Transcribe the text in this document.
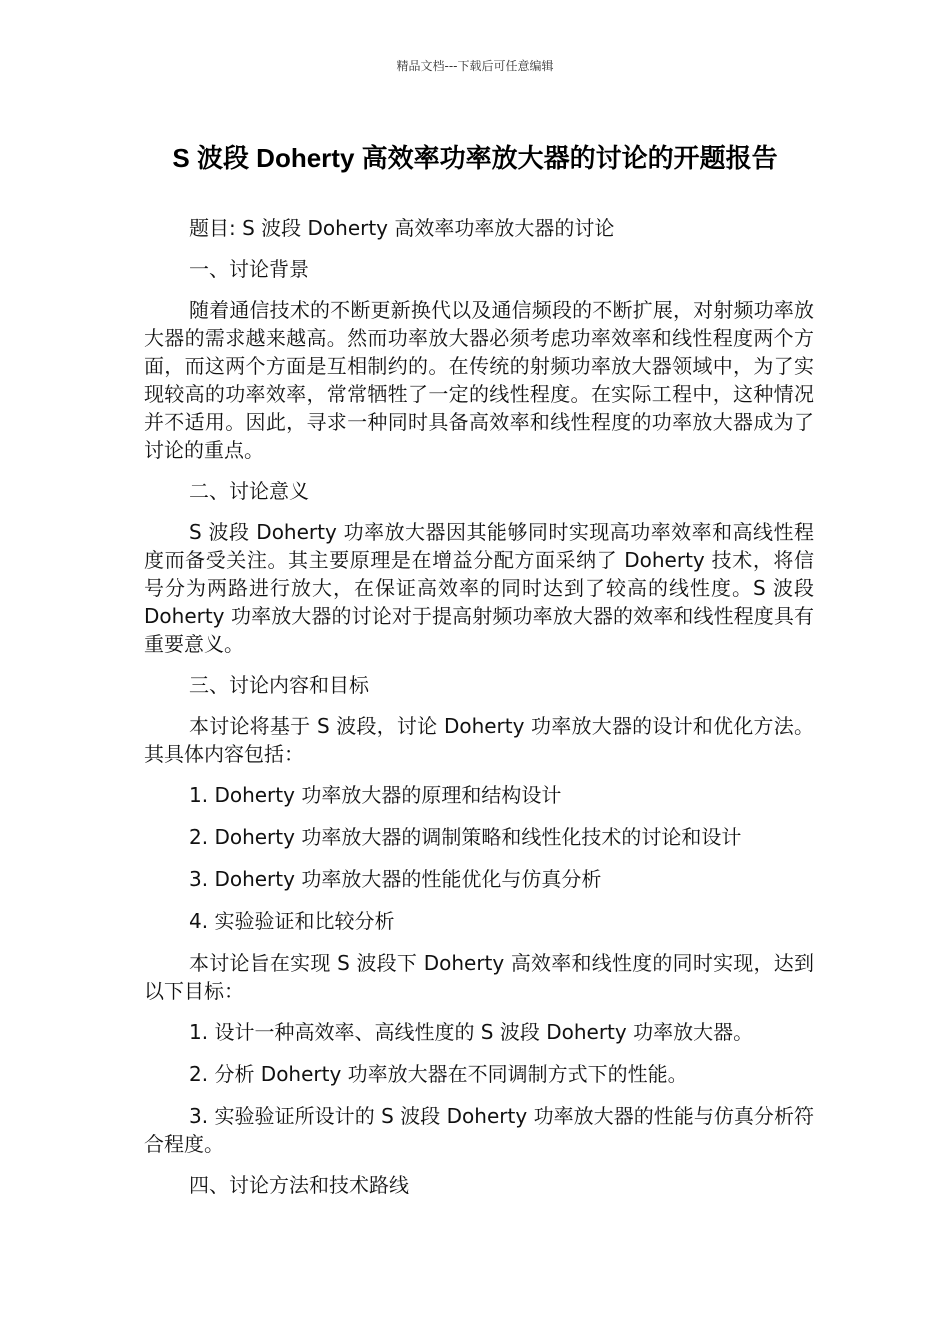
精品文档---下载后可任意编辑
S 波段 Doherty 高效率功率放大器的讨论的开题报告

题目: S 波段 Doherty 高效率功率放大器的讨论

一、讨论背景

随着通信技术的不断更新换代以及通信频段的不断扩展，对射频功率放大器的需求越来越高。然而功率放大器必须考虑功率效率和线性程度两个方面，而这两个方面是互相制约的。在传统的射频功率放大器领域中，为了实现较高的功率效率，常常牺牲了一定的线性程度。在实际工程中，这种情况并不适用。因此，寻求一种同时具备高效率和线性程度的功率放大器成为了讨论的重点。

二、讨论意义

S 波段 Doherty 功率放大器因其能够同时实现高功率效率和高线性程度而备受关注。其主要原理是在增益分配方面采纳了 Doherty 技术，将信号分为两路进行放大，在保证高效率的同时达到了较高的线性度。S 波段 Doherty 功率放大器的讨论对于提高射频功率放大器的效率和线性程度具有重要意义。

三、讨论内容和目标

本讨论将基于 S 波段，讨论 Doherty 功率放大器的设计和优化方法。其具体内容包括：

1. Doherty 功率放大器的原理和结构设计

2. Doherty 功率放大器的调制策略和线性化技术的讨论和设计

3. Doherty 功率放大器的性能优化与仿真分析

4. 实验验证和比较分析

本讨论旨在实现 S 波段下 Doherty 高效率和线性度的同时实现，达到以下目标：

1. 设计一种高效率、高线性度的 S 波段 Doherty 功率放大器。

2. 分析 Doherty 功率放大器在不同调制方式下的性能。

3. 实验验证所设计的 S 波段 Doherty 功率放大器的性能与仿真分析符合程度。

四、讨论方法和技术路线
